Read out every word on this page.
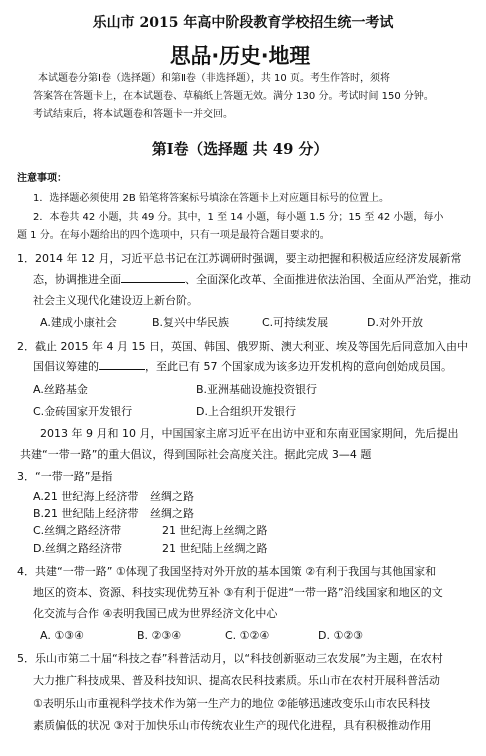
乐山市 2015 年高中阶段教育学校招生统一考试
思品·历史·地理
本试题卷分第Ⅰ卷（选择题）和第Ⅱ卷（非选择题），共 10 页。考生作答时，须将
答案答在答题卡上，在本试题卷、草稿纸上答题无效。满分 130 分。考试时间 150 分钟。
考试结束后，将本试题卷和答题卡一并交回。
第Ⅰ卷（选择题 共 49 分）
注意事项：
1．选择题必须使用 2B 铅笔将答案标号填涂在答题卡上对应题目标号的位置上。
2．本卷共 42 小题，共 49 分。其中，1 至 14 小题，每小题 1.5 分；15 至 42 小题，每小
题 1 分。在每小题给出的四个选项中，只有一项是最符合题目要求的。
1．2014 年 12 月，习近平总书记在江苏调研时强调，要主动把握和积极适应经济发展新常
态，协调推进全面	、全面深化改革、全面推进依法治国、全面从严治党，推动
社会主义现代化建设迈上新台阶。
A.建成小康社会	B.复兴中华民族	C.可持续发展	D.对外开放
2．截止 2015 年 4 月 15 日，英国、韩国、俄罗斯、澳大利亚、埃及等国先后同意加入由中
国倡议筹建的	，至此已有 57 个国家成为该多边开发机构的意向创始成员国。
A.丝路基金	B.亚洲基础设施投资银行
C.金砖国家开发银行	D.上合组织开发银行
2013 年 9 月和 10 月，中国国家主席习近平在出访中亚和东南亚国家期间，先后提出
共建“一带一路”的重大倡议，得到国际社会高度关注。据此完成 3—4 题
3．“一带一路”是指
A.21 世纪海上经济带 丝绸之路
B.21 世纪陆上经济带 丝绸之路
C.丝绸之路经济带	21 世纪海上丝绸之路
D.丝绸之路经济带	21 世纪陆上丝绸之路
4．共建“一带一路” ①体现了我国坚持对外开放的基本国策 ②有利于我国与其他国家和
地区的资本、资源、科技实现优势互补 ③有利于促进“一带一路”沿线国家和地区的文
化交流与合作 ④表明我国已成为世界经济文化中心
A. ①③④	B. ②③④	C. ①②④	D. ①②③
5．乐山市第二十届“科技之春”科普活动月，以“科技创新驱动三农发展”为主题，在农村
大力推广科技成果、普及科技知识、提高农民科技素质。乐山市在农村开展科普活动
①表明乐山市重视科学技术作为第一生产力的地位 ②能够迅速改变乐山市农民科技
素质偏低的状况 ③对于加快乐山市传统农业生产的现代化进程，具有积极推动作用
